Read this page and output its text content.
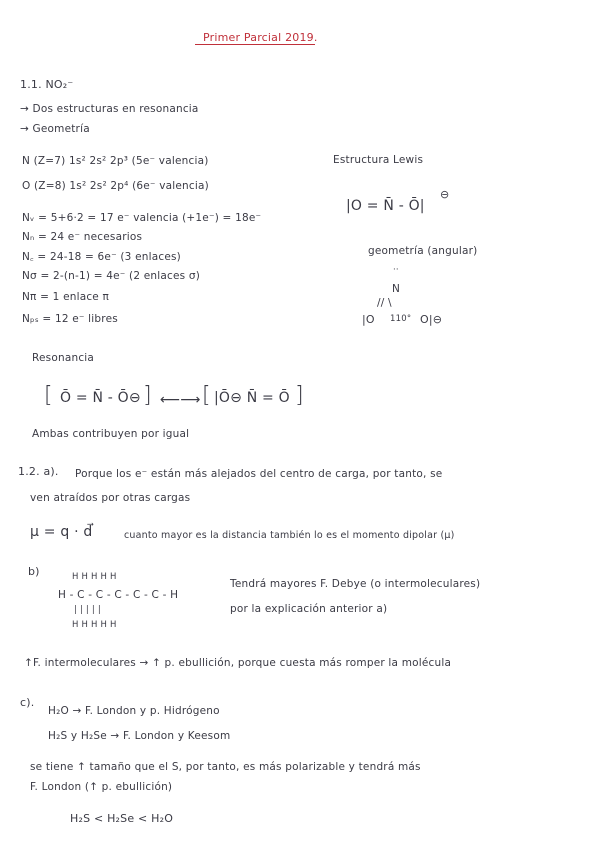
Primer Parcial 2019.
1.1. NO₂⁻
→ Dos estructuras en resonancia
→ Geometría
N (Z=7) 1s² 2s² 2p³ (5e⁻ valencia)
O (Z=8) 1s² 2s² 2p⁴ (6e⁻ valencia)
Nᵥ = 5+6·2 = 17 e⁻ valencia (+1e⁻) = 18e⁻
Nₙ = 24 e⁻ necesarios
N꜀ = 24-18 = 6e⁻ (3 enlaces)
Nσ = 2-(n-1) = 4e⁻ (2 enlaces σ)
Nπ = 1 enlace π
Nₚₛ = 12 e⁻ libres
Estructura Lewis
|O = N̄ - Ō|
⊖
geometría (angular)
··
N
// \
|O 110° O|⊖
Resonancia
[ Ō = N̄ - Ō⊖ ] ⟵⟶ [ |Ō⊖ N̄ = Ō ]
Ambas contribuyen por igual
1.2. a). Porque los e⁻ están más alejados del centro de carga, por tanto, se
ven atraídos por otras cargas
μ = q · d⃗	cuanto mayor es la distancia también lo es el momento dipolar (μ)
b)	H H H H H
H - C - C - C - C - C - H
| | | | |
H H H H H
Tendrá mayores F. Debye (o intermoleculares)
por la explicación anterior a)
↑F. intermoleculares → ↑ p. ebullición, porque cuesta más romper la molécula
c).
H₂O → F. London y p. Hidrógeno
H₂S y H₂Se → F. London y Keesom
se tiene ↑ tamaño que el S, por tanto, es más polarizable y tendrá más
F. London (↑ p. ebullición)
H₂S < H₂Se < H₂O
